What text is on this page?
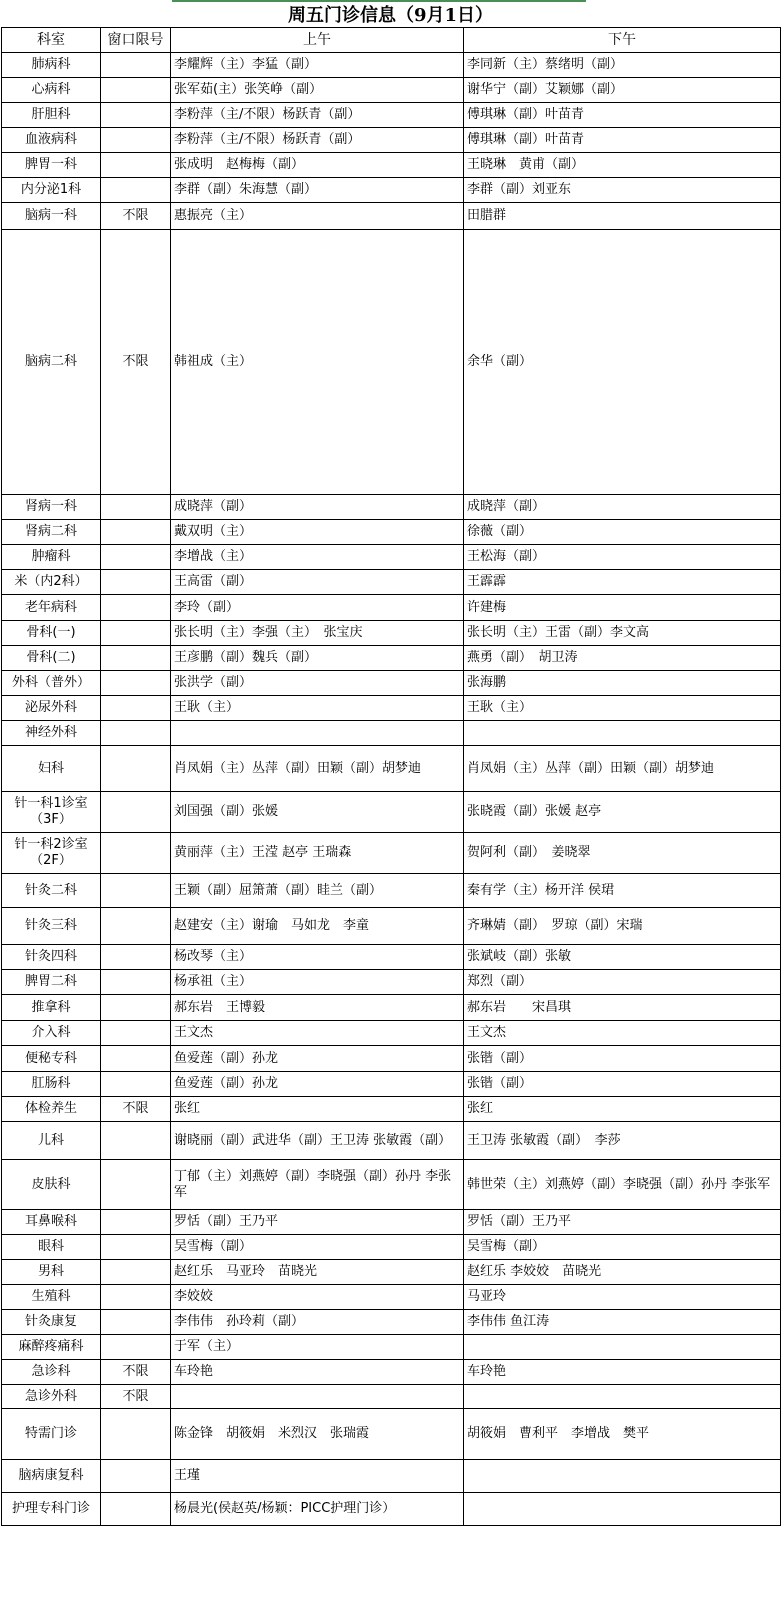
周五门诊信息（9月1日）
科室	窗口限号	上午	下午
肺病科		李耀辉（主）李猛（副）	李同新（主）蔡绪明（副）
心病科		张军茹(主）张笑峥（副）	谢华宁（副）艾颖娜（副）
肝胆科		李粉萍（主/不限）杨跃青（副）	傅琪琳（副）叶苗青
血液病科		李粉萍（主/不限）杨跃青（副）	傅琪琳（副）叶苗青
脾胃一科		张成明　赵梅梅（副）	王晓琳　黄甫（副）
内分泌1科		李群（副）朱海慧（副）	李群（副）刘亚东
脑病一科	不限	惠振亮（主）	田腊群
脑病二科	不限	韩祖成（主）	余华（副）
肾病一科		成晓萍（副）	成晓萍（副）
肾病二科		戴双明（主）	徐薇（副）
肿瘤科		李增战（主）	王松海（副）
米（内2科）		王高雷（副）	王霹霹
老年病科		李玲（副）	许建梅
骨科(一)		张长明（主）李强（主）　张宝庆	张长明（主）王雷（副）李文高
骨科(二)		王彦鹏（副）魏兵（副）	燕勇（副）　胡卫涛
外科（普外）		张洪学（副）	张海鹏
泌尿外科		王耿（主）	王耿（主）
神经外科			
妇科		肖凤娟（主）丛萍（副）田颖（副）胡梦迪	肖凤娟（主）丛萍（副）田颖（副）胡梦迪
针一科1诊室（3F）		刘国强（副）张媛	张晓霞（副）张媛 赵亭
针一科2诊室（2F）		黄丽萍（主）王滢 赵亭 王瑞森	贺阿利（副）　姜晓翠
针灸二科		王颖（副）屈箫萧（副）眭兰（副）	秦有学（主）杨开洋 侯珺
针灸三科		赵建安（主）谢瑜　马如龙　李童	齐琳婧（副）　罗琼（副）宋瑞
针灸四科		杨改琴（主）	张斌岐（副）张敏
脾胃二科		杨承祖（主）	郑烈（副）
推拿科		郝东岩　王博毅	郝东岩　　宋昌琪
介入科		王文杰	王文杰
便秘专科		鱼爱莲（副）孙龙	张锴（副）
肛肠科		鱼爱莲（副）孙龙	张锴（副）
体检养生	不限	张红	张红
儿科		谢晓丽（副）武进华（副）王卫涛 张敏霞（副）	王卫涛 张敏霞（副）　李莎
皮肤科		丁郁（主）刘燕婷（副）李晓强（副）孙丹 李张军	韩世荣（主）刘燕婷（副）李晓强（副）孙丹 李张军
耳鼻喉科		罗恬（副）王乃平	罗恬（副）王乃平
眼科		吴雪梅（副）	吴雪梅（副）
男科		赵红乐　马亚玲　苗晓光	赵红乐 李姣姣　苗晓光
生殖科		李姣姣	马亚玲
针灸康复		李伟伟　孙玲莉（副）	李伟伟 鱼江涛
麻醉疼痛科		于军（主）	
急诊科	不限	车玲艳	车玲艳
急诊外科	不限		
特需门诊		陈金锋　胡筱娟　米烈汉　张瑞霞	胡筱娟　曹利平　李增战　樊平
脑病康复科		王瑾	
护理专科门诊		杨晨光(侯赵英/杨颖：PICC护理门诊）	
